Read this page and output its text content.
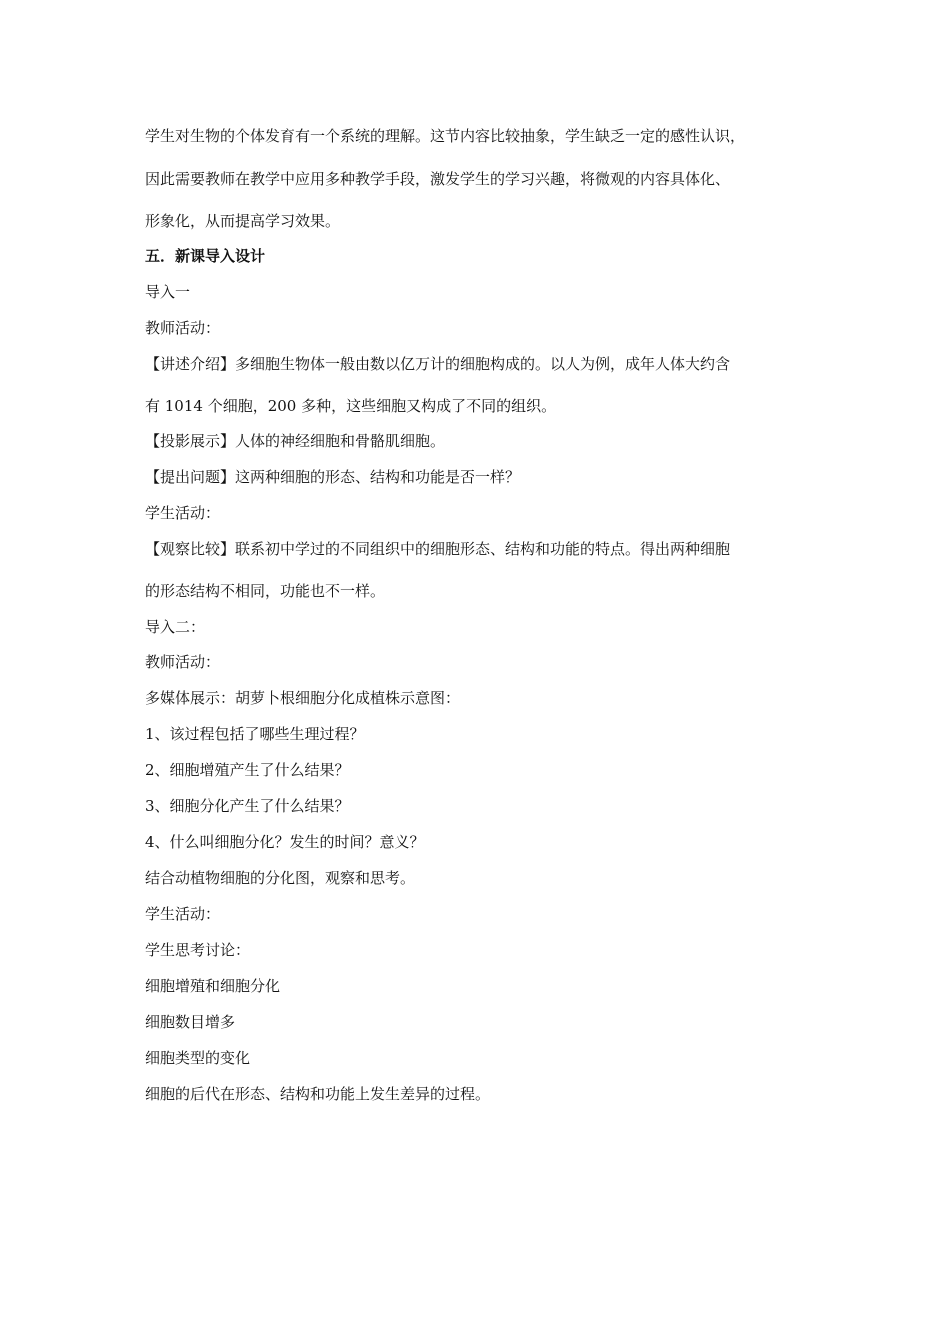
学生对生物的个体发育有一个系统的理解。这节内容比较抽象，学生缺乏一定的感性认识，
因此需要教师在教学中应用多种教学手段，激发学生的学习兴趣，将微观的内容具体化、
形象化，从而提高学习效果。
五．新课导入设计
导入一
教师活动：
【讲述介绍】多细胞生物体一般由数以亿万计的细胞构成的。以人为例，成年人体大约含
有 1014 个细胞，200 多种，这些细胞又构成了不同的组织。
【投影展示】人体的神经细胞和骨骼肌细胞。
【提出问题】这两种细胞的形态、结构和功能是否一样？
学生活动：
【观察比较】联系初中学过的不同组织中的细胞形态、结构和功能的特点。得出两种细胞
的形态结构不相同，功能也不一样。
导入二：
教师活动：
多媒体展示：胡萝卜根细胞分化成植株示意图：
1、该过程包括了哪些生理过程？
2、细胞增殖产生了什么结果？
3、细胞分化产生了什么结果？
4、什么叫细胞分化？发生的时间？意义？
结合动植物细胞的分化图，观察和思考。
学生活动：
学生思考讨论：
细胞增殖和细胞分化
细胞数目增多
细胞类型的变化
细胞的后代在形态、结构和功能上发生差异的过程。
